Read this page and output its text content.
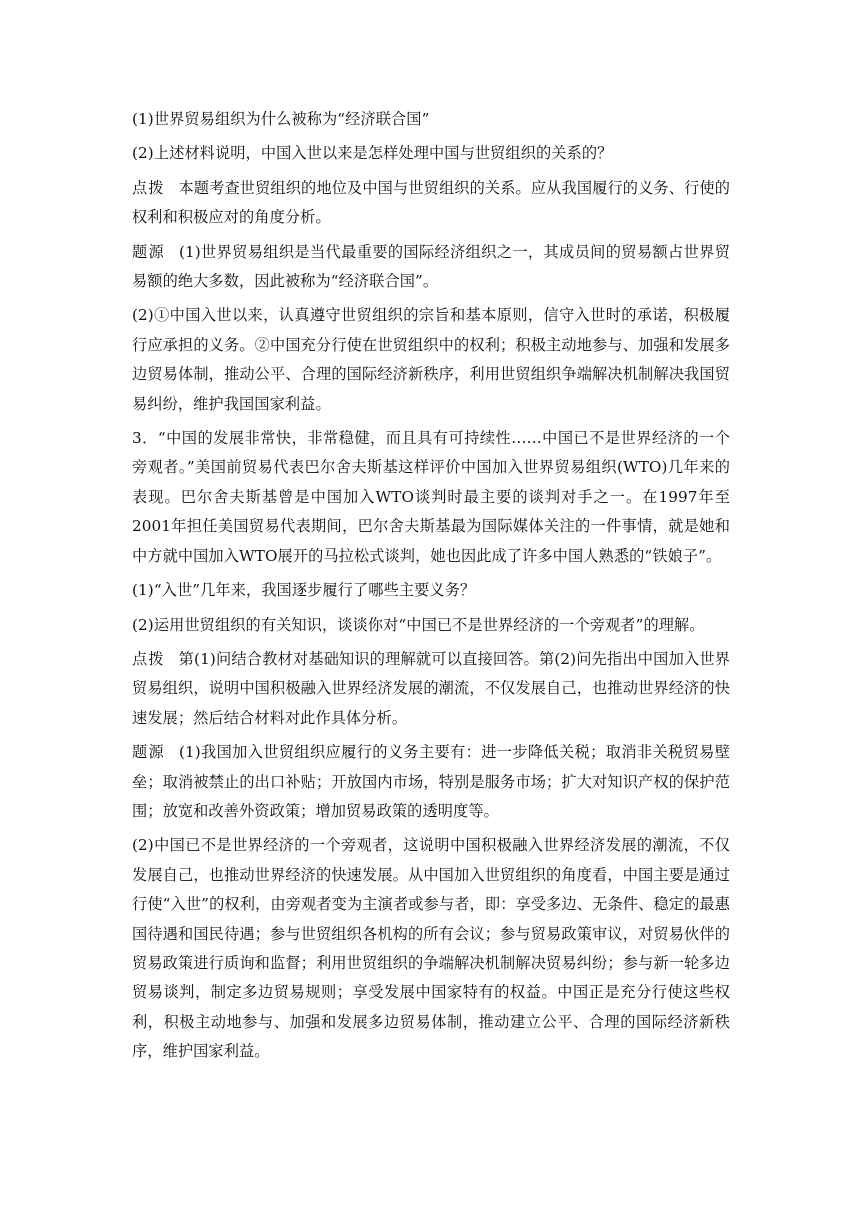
(1)世界贸易组织为什么被称为“经济联合国”

(2)上述材料说明，中国入世以来是怎样处理中国与世贸组织的关系的？

点拨 本题考查世贸组织的地位及中国与世贸组织的关系。应从我国履行的义务、行使的权利和积极应对的角度分析。

题源 (1)世界贸易组织是当代最重要的国际经济组织之一，其成员间的贸易额占世界贸易额的绝大多数，因此被称为“经济联合国”。

(2)①中国入世以来，认真遵守世贸组织的宗旨和基本原则，信守入世时的承诺，积极履行应承担的义务。②中国充分行使在世贸组织中的权利；积极主动地参与、加强和发展多边贸易体制，推动公平、合理的国际经济新秩序，利用世贸组织争端解决机制解决我国贸易纠纷，维护我国国家利益。

3．“中国的发展非常快，非常稳健，而且具有可持续性……中国已不是世界经济的一个旁观者。”美国前贸易代表巴尔舍夫斯基这样评价中国加入世界贸易组织(WTO)几年来的表现。巴尔舍夫斯基曾是中国加入WTO谈判时最主要的谈判对手之一。在1997年至2001年担任美国贸易代表期间，巴尔舍夫斯基最为国际媒体关注的一件事情，就是她和中方就中国加入WTO展开的马拉松式谈判，她也因此成了许多中国人熟悉的“铁娘子”。

(1)“入世”几年来，我国逐步履行了哪些主要义务？

(2)运用世贸组织的有关知识，谈谈你对“中国已不是世界经济的一个旁观者”的理解。

点拨 第(1)问结合教材对基础知识的理解就可以直接回答。第(2)问先指出中国加入世界贸易组织，说明中国积极融入世界经济发展的潮流，不仅发展自己，也推动世界经济的快速发展；然后结合材料对此作具体分析。

题源 (1)我国加入世贸组织应履行的义务主要有：进一步降低关税；取消非关税贸易壁垒；取消被禁止的出口补贴；开放国内市场，特别是服务市场；扩大对知识产权的保护范围；放宽和改善外资政策；增加贸易政策的透明度等。

(2)中国已不是世界经济的一个旁观者，这说明中国积极融入世界经济发展的潮流，不仅发展自己，也推动世界经济的快速发展。从中国加入世贸组织的角度看，中国主要是通过行使“入世”的权利，由旁观者变为主演者或参与者，即：享受多边、无条件、稳定的最惠国待遇和国民待遇；参与世贸组织各机构的所有会议；参与贸易政策审议，对贸易伙伴的贸易政策进行质询和监督；利用世贸组织的争端解决机制解决贸易纠纷；参与新一轮多边贸易谈判，制定多边贸易规则；享受发展中国家特有的权益。中国正是充分行使这些权利，积极主动地参与、加强和发展多边贸易体制，推动建立公平、合理的国际经济新秩序，维护国家利益。
